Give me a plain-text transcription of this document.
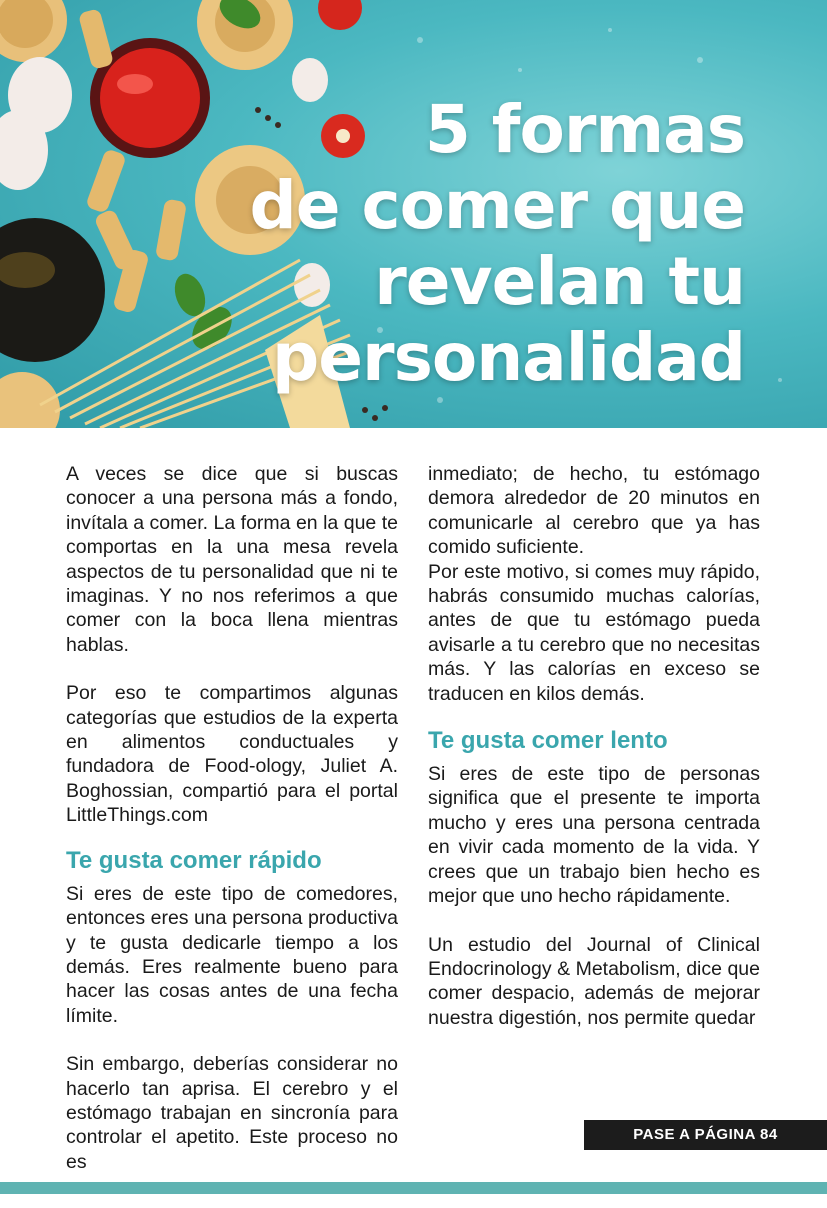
5 formas
de comer que
revelan tu
personalidad

A veces se dice que si buscas conocer a una persona más a fondo, invítala a comer. La forma en la que te comportas en la una mesa revela aspectos de tu personalidad que ni te imaginas. Y no nos referimos a que comer con la boca llena mientras hablas.

Por eso te compartimos algunas categorías que estudios de la experta en alimentos conductuales y fundadora de Food-ology, Juliet A. Boghossian, compartió para el portal LittleThings.com

Te gusta comer rápido

Si eres de este tipo de comedores, entonces eres una persona productiva y te gusta dedicarle tiempo a los demás. Eres realmente bueno para hacer las cosas antes de una fecha límite.

Sin embargo, deberías considerar no hacerlo tan aprisa. El cerebro y el estómago trabajan en sincronía para controlar el apetito. Este proceso no es

inmediato; de hecho, tu estómago demora alrededor de 20 minutos en comunicarle al cerebro que ya has comido suficiente.

Por este motivo, si comes muy rápido, habrás consumido muchas calorías, antes de que tu estómago pueda avisarle a tu cerebro que no necesitas más. Y las calorías en exceso se traducen en kilos demás.

Te gusta comer lento

Si eres de este tipo de personas significa que el presente te importa mucho y eres una persona centrada en vivir cada momento de la vida. Y crees que un trabajo bien hecho es mejor que uno hecho rápidamente.

Un estudio del Journal of Clinical Endocrinology & Metabolism, dice que comer despacio, además de mejorar nuestra digestión, nos permite quedar

PASE A PÁGINA 84
